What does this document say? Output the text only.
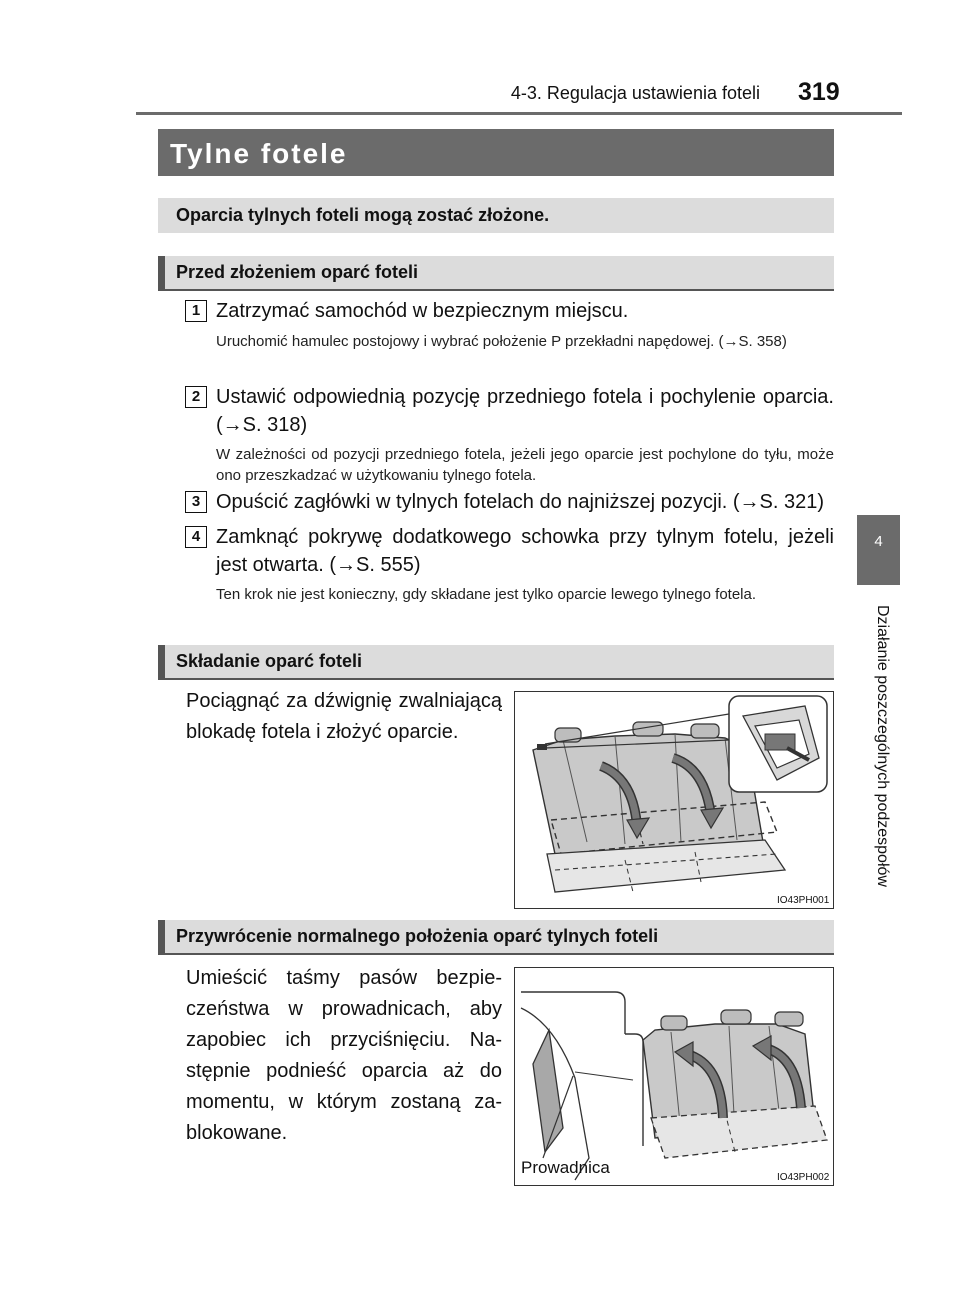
4-3. Regulacja ustawienia foteli 319
4
Działanie poszczególnych podzespołów
Tylne fotele
Oparcia tylnych foteli mogą zostać złożone.
Przed złożeniem oparć foteli
1 Zatrzymać samochód w bezpiecznym miejscu.
Uruchomić hamulec postojowy i wybrać położenie P przekładni napędowej. (→S. 358)
2 Ustawić odpowiednią pozycję przedniego fotela i pochylenie oparcia. (→S. 318)
W zależności od pozycji przedniego fotela, jeżeli jego oparcie jest pochylone do tyłu, może ono przeszkadzać w użytkowaniu tylnego fotela.
3 Opuścić zagłówki w tylnych fotelach do najniższej pozycji. (→S. 321)
4 Zamknąć pokrywę dodatkowego schowka przy tylnym fotelu, jeżeli jest otwarta. (→S. 555)
Ten krok nie jest konieczny, gdy składane jest tylko oparcie lewego tylnego fotela.
Składanie oparć foteli
Pociągnąć za dźwignię zwalniającą blokadę fotela i złożyć oparcie.
IO43PH001
Przywrócenie normalnego położenia oparć tylnych foteli
Umieścić taśmy pasów bezpieczeństwa w prowadnicach, aby zapobiec ich przyciśnięciu. Następnie podnieść oparcia aż do momentu, w którym zostaną zablokowane.
Prowadnica
IO43PH002
